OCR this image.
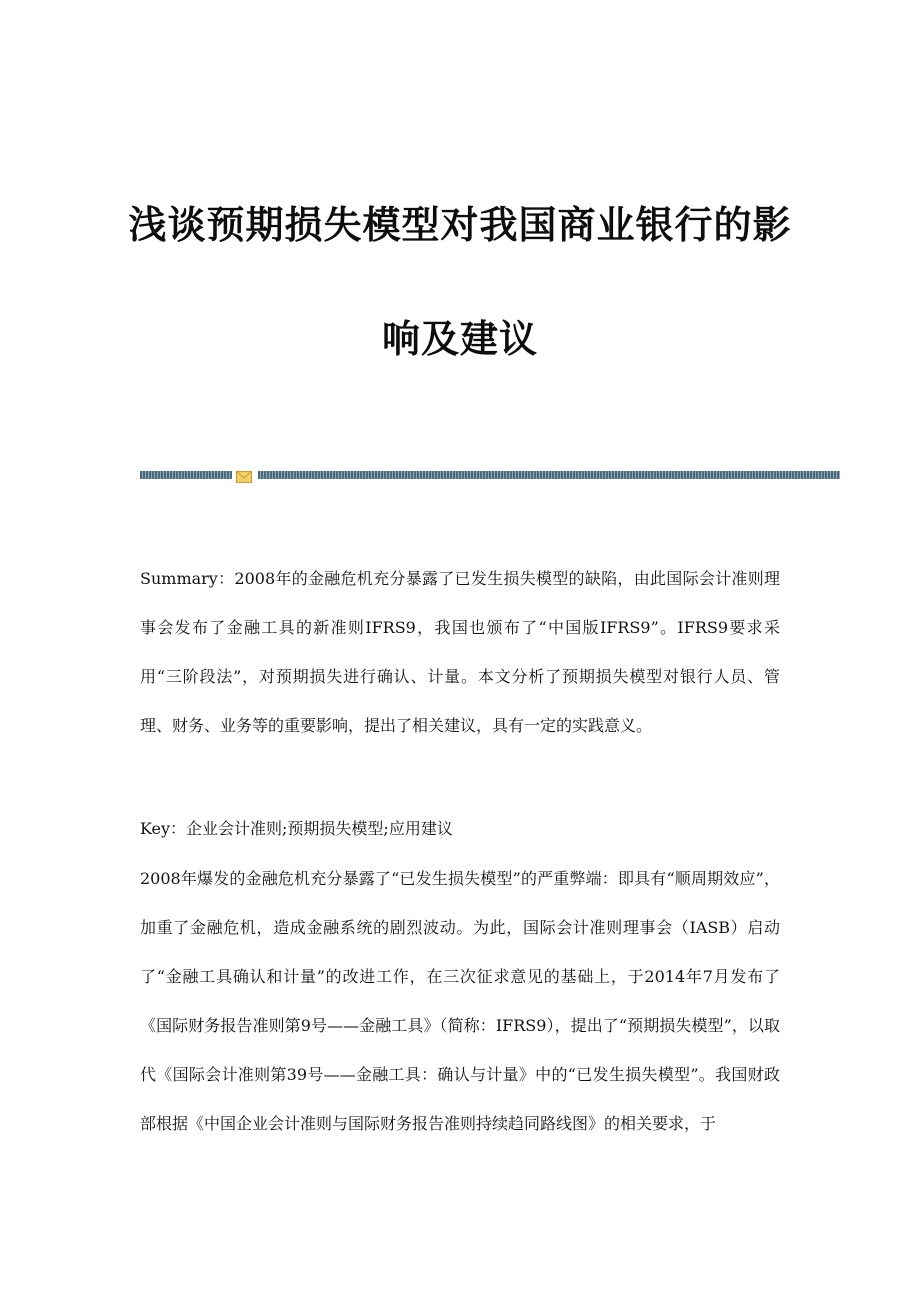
浅谈预期损失模型对我国商业银行的影
响及建议

Summary：2008年的金融危机充分暴露了已发生损失模型的缺陷，由此国际会计准则理事会发布了金融工具的新准则IFRS9，我国也颁布了“中国版IFRS9”。IFRS9要求采用“三阶段法”，对预期损失进行确认、计量。本文分析了预期损失模型对银行人员、管理、财务、业务等的重要影响，提出了相关建议，具有一定的实践意义。

Key：企业会计准则;预期损失模型;应用建议

2008年爆发的金融危机充分暴露了“已发生损失模型”的严重弊端：即具有“顺周期效应”，加重了金融危机，造成金融系统的剧烈波动。为此，国际会计准则理事会（IASB）启动了“金融工具确认和计量”的改进工作，在三次征求意见的基础上，于2014年7月发布了《国际财务报告准则第9号——金融工具》（简称：IFRS9），提出了“预期损失模型”，以取代《国际会计准则第39号——金融工具：确认与计量》中的“已发生损失模型”。我国财政部根据《中国企业会计准则与国际财务报告准则持续趋同路线图》的相关要求，于
